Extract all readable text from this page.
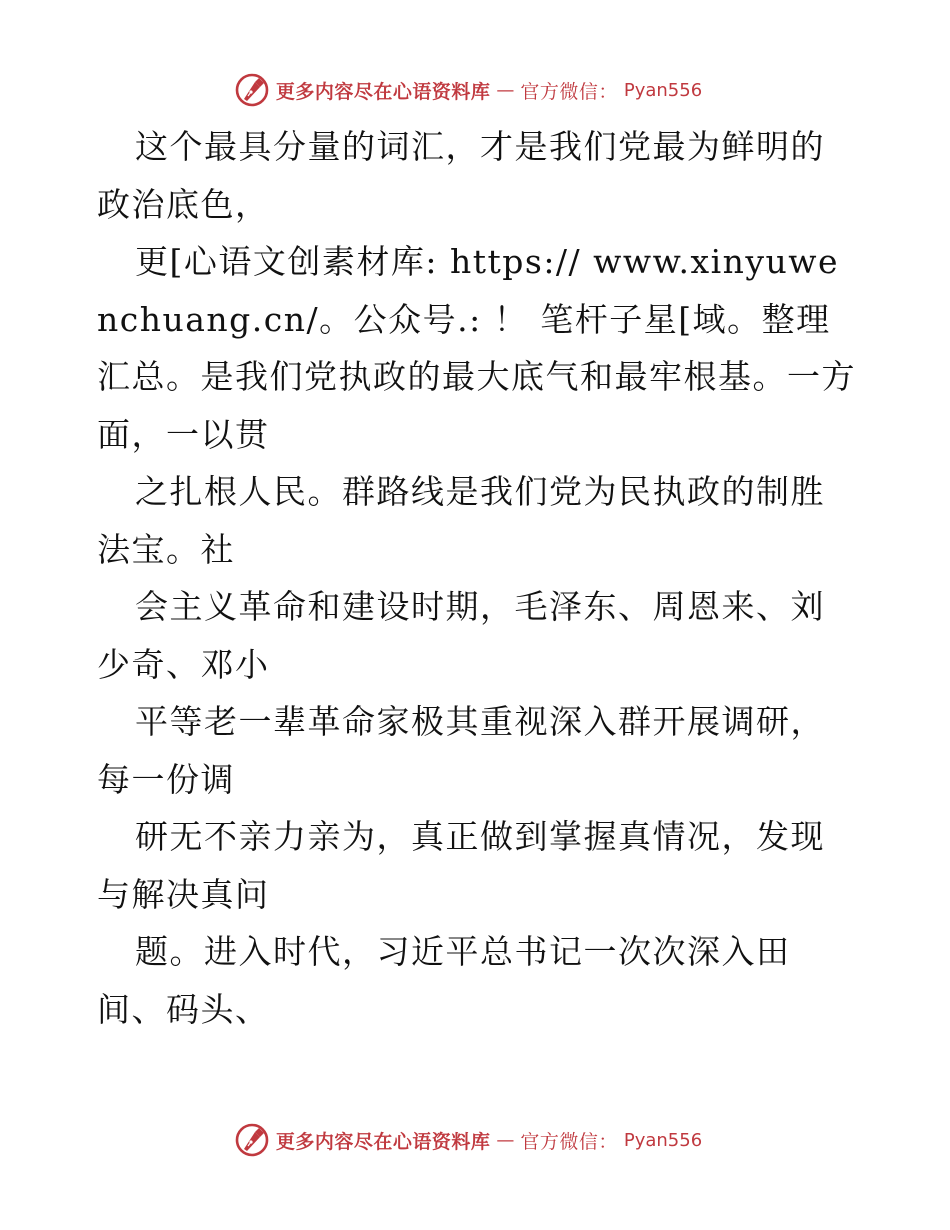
更多内容尽在心语资料库 — 官方微信： Pyan556

这个最具分量的词汇，才是我们党最为鲜明的政治底色，

更[心语文创素材库: https:// www.xinyuwenchuang.cn/。公众号.: ！ 笔杆子星[域。整理汇总。是我们党执政的最大底气和最牢根基。一方面，一以贯

之扎根人民。群路线是我们党为民执政的制胜法宝。社

会主义革命和建设时期，毛泽东、周恩来、刘少奇、邓小

平等老一辈革命家极其重视深入群开展调研，每一份调

研无不亲力亲为，真正做到掌握真情况，发现与解决真问

题。进入时代，习近平总书记一次次深入田间、码头、

更多内容尽在心语资料库 — 官方微信： Pyan556
